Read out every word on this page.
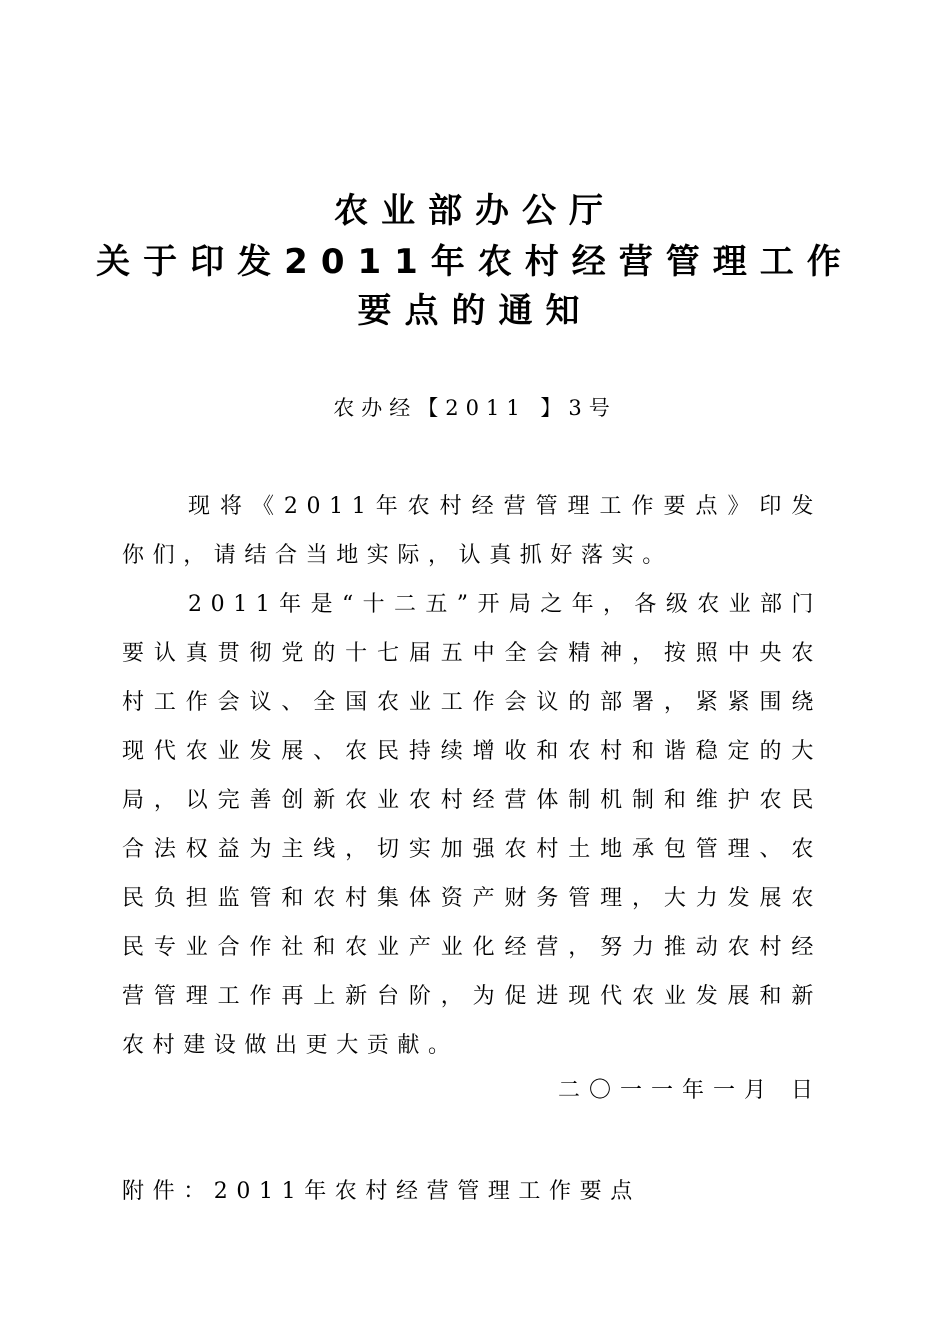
农业部办公厅
关于印发2011年农村经营管理工作
要点的通知
农办经【2011 】3号

现将《2011年农村经营管理工作要点》印发你们，请结合当地实际，认真抓好落实。

2011年是“十二五”开局之年，各级农业部门要认真贯彻党的十七届五中全会精神，按照中央农村工作会议、全国农业工作会议的部署，紧紧围绕现代农业发展、农民持续增收和农村和谐稳定的大局，以完善创新农业农村经营体制机制和维护农民合法权益为主线，切实加强农村土地承包管理、农民负担监管和农村集体资产财务管理，大力发展农民专业合作社和农业产业化经营，努力推动农村经营管理工作再上新台阶，为促进现代农业发展和新农村建设做出更大贡献。

二〇一一年一月 日
附件：2011年农村经营管理工作要点
